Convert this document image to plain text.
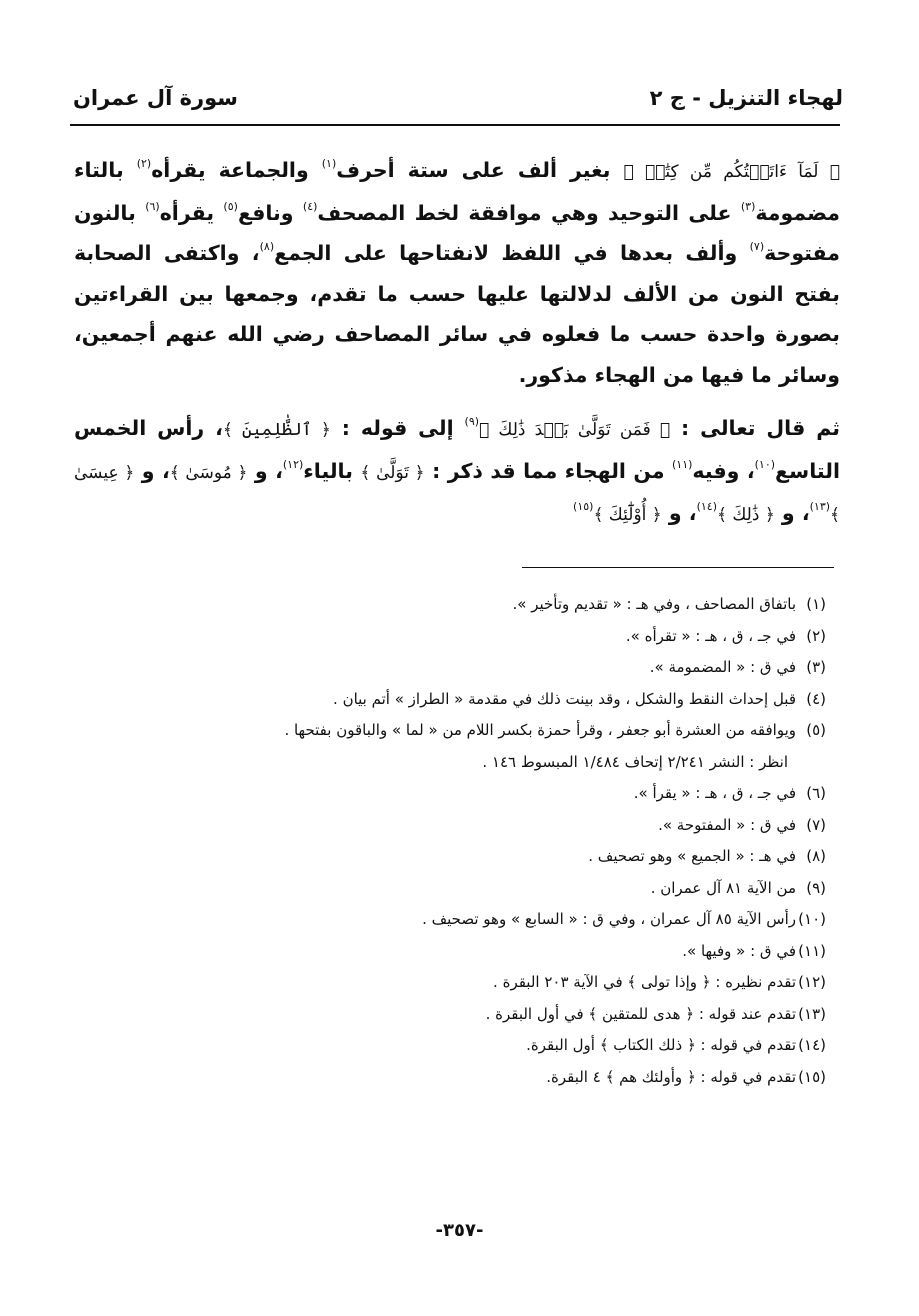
لهجاء التنزيل - ج ٢
سورة آل عمران

﴿ لَمَآ ءَاتَيۡتُكُم مِّن كِتَٰبٖ ﴾ بغير ألف على ستة أحرف$^{(١)}$ والجماعة يقرأه$^{(٢)}$ بالتاء مضمومة$^{(٣)}$ على التوحيد وهي موافقة لخط المصحف$^{(٤)}$ ونافع$^{(٥)}$ يقرأه$^{(٦)}$ بالنون مفتوحة$^{(٧)}$ وألف بعدها في اللفظ لانفتاحها على الجمع$^{(٨)}$، واكتفى الصحابة بفتح النون من الألف لدلالتها عليها حسب ما تقدم، وجمعها بين القراءتين بصورة واحدة حسب ما فعلوه في سائر المصاحف رضي الله عنهم أجمعين، وسائر ما فيها من الهجاء مذكور.

ثم قال تعالى : ﴿ فَمَن تَوَلَّىٰ بَعۡدَ ذَٰلِكَ ﴾$^{(٩)}$ إلى قوله : ﴿ ٱلظَّٰلِمِينَ ﴾، رأس الخمس التاسع$^{(١٠)}$، وفيه$^{(١١)}$ من الهجاء مما قد ذكر : ﴿ تَوَلَّىٰ ﴾ بالياء$^{(١٢)}$، و ﴿ مُوسَىٰ ﴾، و ﴿ عِيسَىٰ ﴾$^{(١٣)}$، و ﴿ ذَٰلِكَ ﴾$^{(١٤)}$، و ﴿ أُوْلَٰٓئِكَ ﴾$^{(١٥)}$

(١)باتفاق المصاحف ، وفي هـ : « تقديم وتأخير ».
(٢)في جـ ، ق ، هـ : « تقرأه ».
(٣)في ق : « المضمومة ».
(٤)قبل إحداث النقط والشكل ، وقد بينت ذلك في مقدمة « الطراز » أتم بيان .
(٥)ويوافقه من العشرة أبو جعفر ، وقرأ حمزة بكسر اللام من « لما » والباقون بفتحها .
انظر : النشر ٢/٢٤١ إتحاف ١/٤٨٤ المبسوط ١٤٦ .
(٦)في جـ ، ق ، هـ : « يقرأ ».
(٧)في ق : « المفتوحة ».
(٨)في هـ : « الجميع » وهو تصحيف .
(٩)من الآية ٨١ آل عمران .
(١٠)رأس الآية ٨٥ آل عمران ، وفي ق : « السابع » وهو تصحيف .
(١١)في ق : « وفيها ».
(١٢)تقدم نظيره : ﴿ وإذا تولى ﴾ في الآية ٢٠٣ البقرة .
(١٣)تقدم عند قوله : ﴿ هدى للمتقين ﴾ في أول البقرة .
(١٤)تقدم في قوله : ﴿ ذلك الكتاب ﴾ أول البقرة.
(١٥)تقدم في قوله : ﴿ وأولئك هم ﴾ ٤ البقرة.
-٣٥٧-
